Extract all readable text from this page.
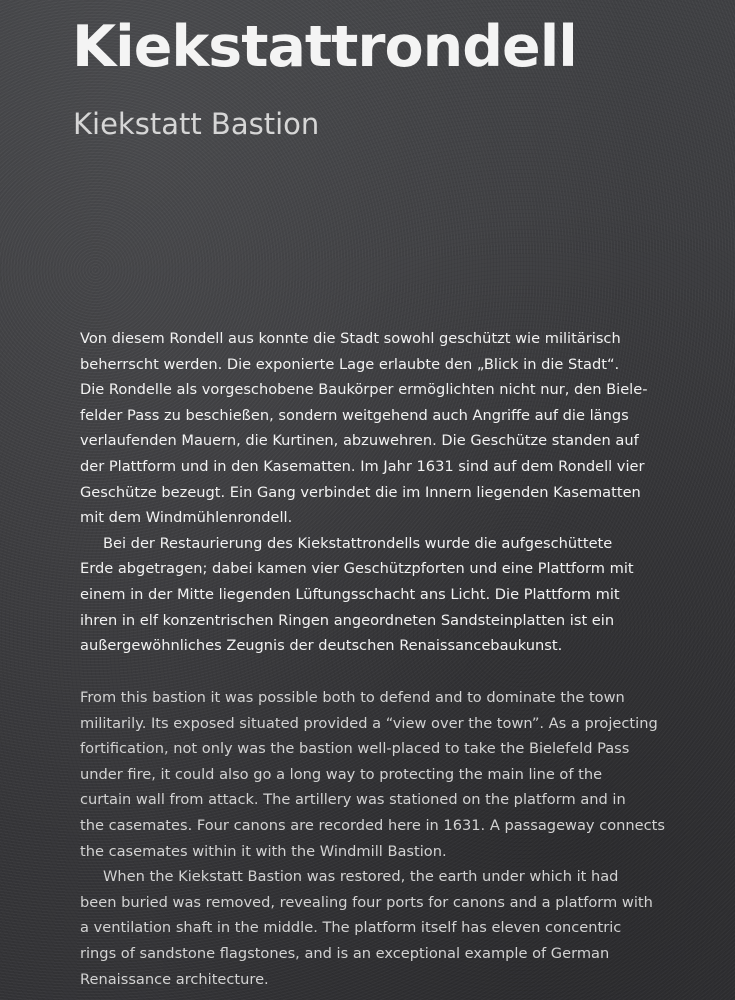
Kiekstattrondell
Kiekstatt Bastion

Von diesem Rondell aus konnte die Stadt sowohl geschützt wie militärisch
beherrscht werden. Die exponierte Lage erlaubte den „Blick in die Stadt“.
Die Rondelle als vorgeschobene Baukörper ermöglichten nicht nur, den Biele-
felder Pass zu beschießen, sondern weitgehend auch Angriffe auf die längs
verlaufenden Mauern, die Kurtinen, abzuwehren. Die Geschütze standen auf
der Plattform und in den Kasematten. Im Jahr 1631 sind auf dem Rondell vier
Geschütze bezeugt. Ein Gang verbindet die im Innern liegenden Kasematten
mit dem Windmühlenrondell.
Bei der Restaurierung des Kiekstattrondells wurde die aufgeschüttete
Erde abgetragen; dabei kamen vier Geschützpforten und eine Plattform mit
einem in der Mitte liegenden Lüftungsschacht ans Licht. Die Plattform mit
ihren in elf konzentrischen Ringen angeordneten Sandsteinplatten ist ein
außergewöhnliches Zeugnis der deutschen Renaissancebaukunst.

From this bastion it was possible both to defend and to dominate the town
militarily. Its exposed situated provided a “view over the town”. As a projecting
fortification, not only was the bastion well-placed to take the Bielefeld Pass
under fire, it could also go a long way to protecting the main line of the
curtain wall from attack. The artillery was stationed on the platform and in
the casemates. Four canons are recorded here in 1631. A passageway connects
the casemates within it with the Windmill Bastion.
When the Kiekstatt Bastion was restored, the earth under which it had
been buried was removed, revealing four ports for canons and a platform with
a ventilation shaft in the middle. The platform itself has eleven concentric
rings of sandstone flagstones, and is an exceptional example of German
Renaissance architecture.
